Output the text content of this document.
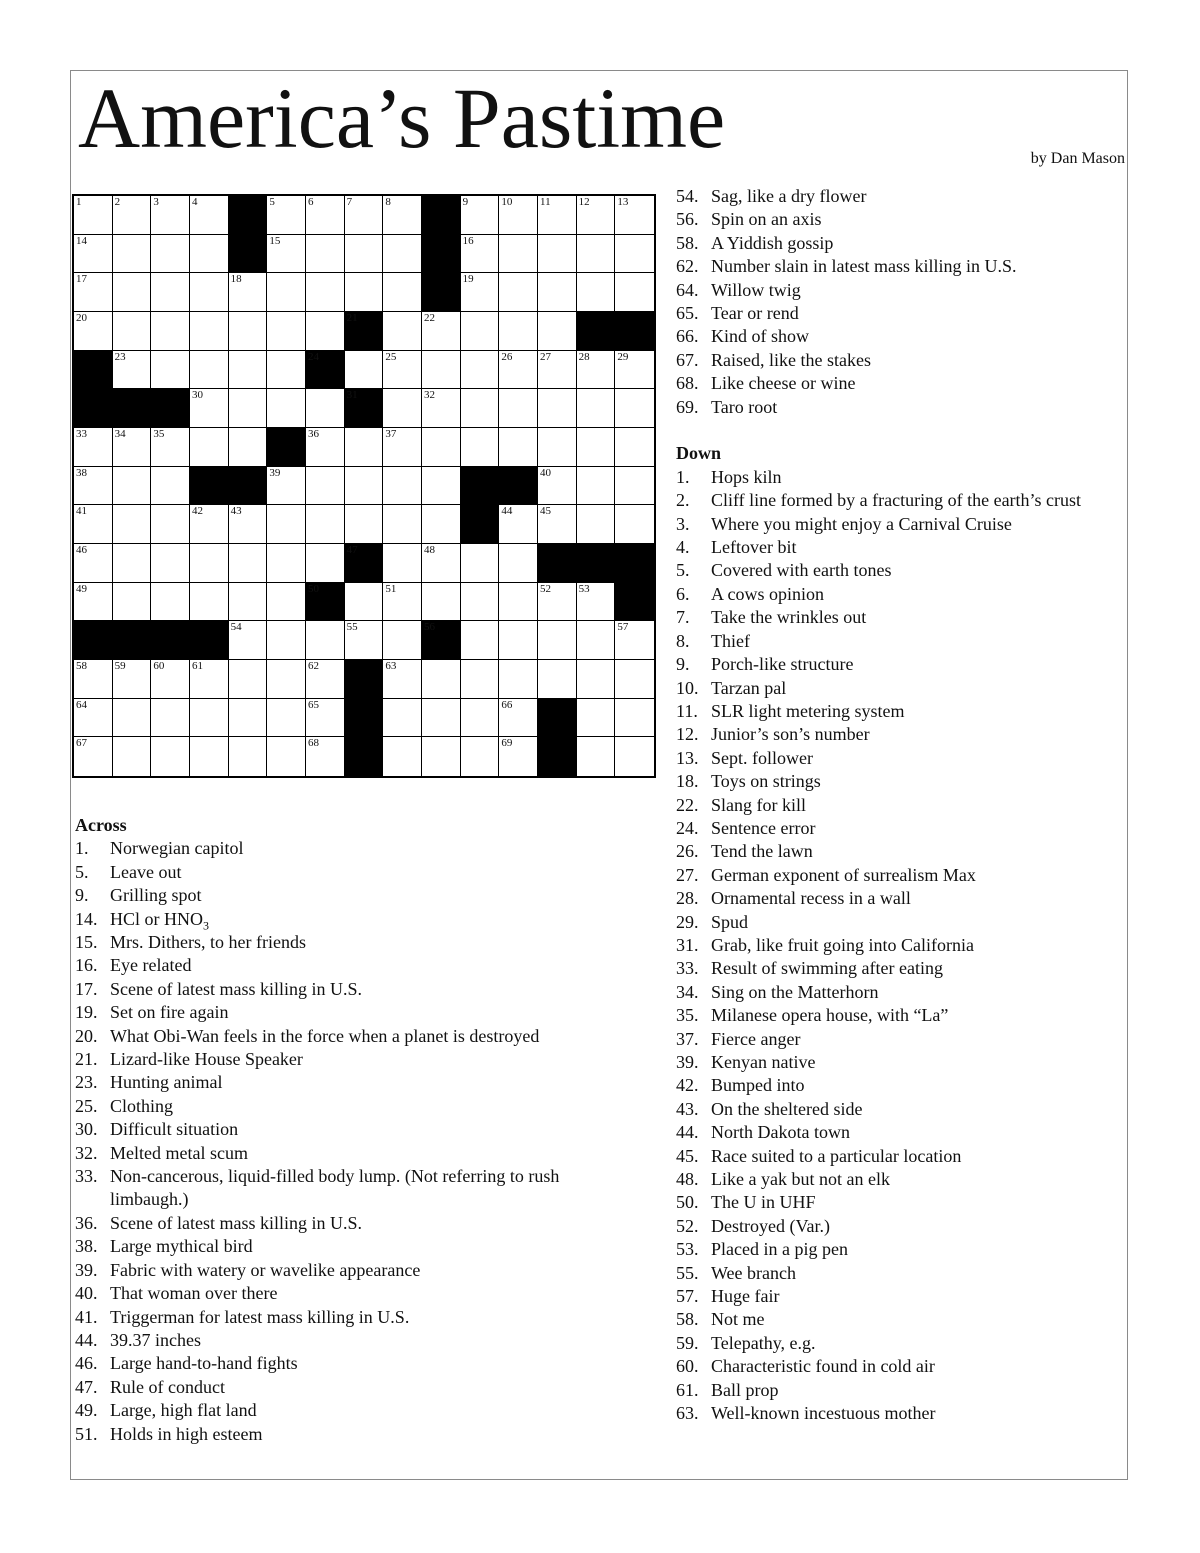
America’s Pastime	by Dan Mason
1	2	3	4	5	6	7	8	9	10	11	12	13
14	15	16
17	18	19
20	21	22
23	24	25	26	27	28	29
30	31	32
33	34	35	36	37
38	39	40
41	42	43	44	45
46	47	48
49	50	51	52	53
54	55	56	57
58	59	60	61	62	63
64	65	66
67	68	69
Across
1. Norwegian capitol
5. Leave out
9. Grilling spot
14. HCl or $HNO_3$
15. Mrs. Dithers, to her friends
16. Eye related
17. Scene of latest mass killing in U.S.
19. Set on fire again
20. What Obi-Wan feels in the force when a planet is destroyed
21. Lizard-like House Speaker
23. Hunting animal
25. Clothing
30. Difficult situation
32. Melted metal scum
33. Non-cancerous, liquid-filled body lump. (Not referring to rush limbaugh.)
36. Scene of latest mass killing in U.S.
38. Large mythical bird
39. Fabric with watery or wavelike appearance
40. That woman over there
41. Triggerman for latest mass killing in U.S.
44. 39.37 inches
46. Large hand-to-hand fights
47. Rule of conduct
49. Large, high flat land
51. Holds in high esteem
54. Sag, like a dry flower
56. Spin on an axis
58. A Yiddish gossip
62. Number slain in latest mass killing in U.S.
64. Willow twig
65. Tear or rend
66. Kind of show
67. Raised, like the stakes
68. Like cheese or wine
69. Taro root
Down
1. Hops kiln
2. Cliff line formed by a fracturing of the earth’s crust
3. Where you might enjoy a Carnival Cruise
4. Leftover bit
5. Covered with earth tones
6. A cows opinion
7. Take the wrinkles out
8. Thief
9. Porch-like structure
10. Tarzan pal
11. SLR light metering system
12. Junior’s son’s number
13. Sept. follower
18. Toys on strings
22. Slang for kill
24. Sentence error
26. Tend the lawn
27. German exponent of surrealism Max
28. Ornamental recess in a wall
29. Spud
31. Grab, like fruit going into California
33. Result of swimming after eating
34. Sing on the Matterhorn
35. Milanese opera house, with “La”
37. Fierce anger
39. Kenyan native
42. Bumped into
43. On the sheltered side
44. North Dakota town
45. Race suited to a particular location
48. Like a yak but not an elk
50. The U in UHF
52. Destroyed (Var.)
53. Placed in a pig pen
55. Wee branch
57. Huge fair
58. Not me
59. Telepathy, e.g.
60. Characteristic found in cold air
61. Ball prop
63. Well-known incestuous mother
